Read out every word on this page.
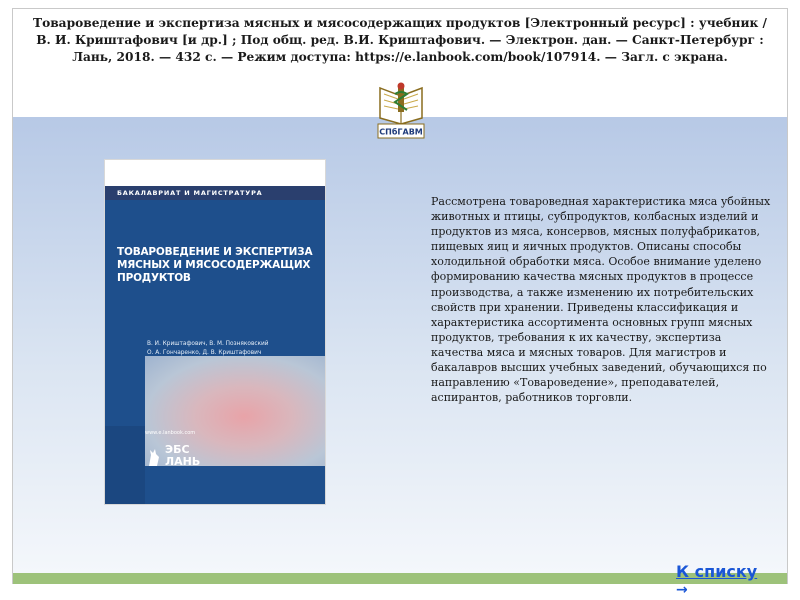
Товароведение и экспертиза мясных и мясосодержащих продуктов [Электронный ресурс] : учебник / В. И. Криштафович [и др.] ; Под общ. ред. В.И. Криштафович. — Электрон. дан. — Санкт-Петербург : Лань, 2018. — 432 с. — Режим доступа: https://e.lanbook.com/book/107914. — Загл. с экрана.
СПбГАВМ
БАКАЛАВРИАТ И МАГИСТРАТУРА
ТОВАРОВЕДЕНИЕ И ЭКСПЕРТИЗА МЯСНЫХ И МЯСОСОДЕРЖАЩИХ ПРОДУКТОВ
В. И. Криштафович, В. М. Позняковский
О. А. Гончаренко, Д. В. Криштафович
www.e.lanbook.com
ЭБС
ЛАНЬ
Рассмотрена товароведная характеристика мяса убойных животных и птицы, субпродуктов, колбасных изделий и продуктов из мяса, консервов, мясных полуфабрикатов, пищевых яиц и яичных продуктов. Описаны способы холодильной обработки мяса. Особое внимание уделено формированию качества мясных продуктов в процессе производства, а также изменению их потребительских свойств при хранении. Приведены классификация и характеристика ассортимента основных групп мясных продуктов, требования к их качеству, экспертиза качества мяса и мясных товаров. Для магистров и бакалавров высших учебных заведений, обучающихся по направлению «Товароведение», преподавателей, аспирантов, работников торговли.
К списку
→
